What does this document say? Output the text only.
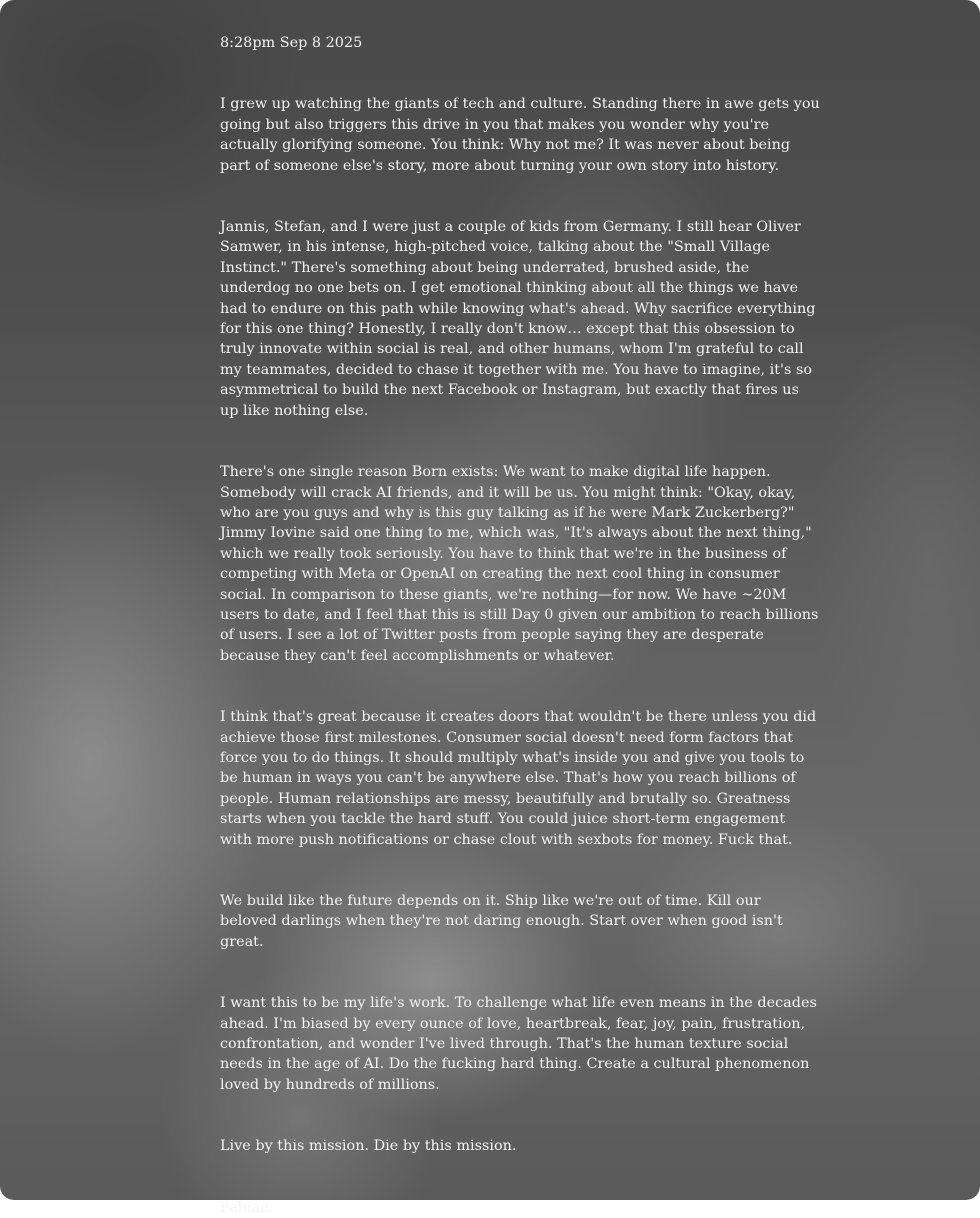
8:28pm Sep 8 2025

I grew up watching the giants of tech and culture. Standing there in awe gets you going but also triggers this drive in you that makes you wonder why you're actually glorifying someone. You think: Why not me? It was never about being part of someone else's story, more about turning your own story into history.

Jannis, Stefan, and I were just a couple of kids from Germany. I still hear Oliver Samwer, in his intense, high-pitched voice, talking about the "Small Village Instinct." There's something about being underrated, brushed aside, the underdog no one bets on. I get emotional thinking about all the things we have had to endure on this path while knowing what's ahead. Why sacrifice everything for this one thing? Honestly, I really don't know… except that this obsession to truly innovate within social is real, and other humans, whom I'm grateful to call my teammates, decided to chase it together with me. You have to imagine, it's so asymmetrical to build the next Facebook or Instagram, but exactly that fires us up like nothing else.

There's one single reason Born exists: We want to make digital life happen. Somebody will crack AI friends, and it will be us. You might think: "Okay, okay, who are you guys and why is this guy talking as if he were Mark Zuckerberg?" Jimmy Iovine said one thing to me, which was, "It's always about the next thing," which we really took seriously. You have to think that we're in the business of competing with Meta or OpenAI on creating the next cool thing in consumer social. In comparison to these giants, we're nothing—for now. We have ~20M users to date, and I feel that this is still Day 0 given our ambition to reach billions of users. I see a lot of Twitter posts from people saying they are desperate because they can't feel accomplishments or whatever.

I think that's great because it creates doors that wouldn't be there unless you did achieve those first milestones. Consumer social doesn't need form factors that force you to do things. It should multiply what's inside you and give you tools to be human in ways you can't be anywhere else. That's how you reach billions of people. Human relationships are messy, beautifully and brutally so. Greatness starts when you tackle the hard stuff. You could juice short-term engagement with more push notifications or chase clout with sexbots for money. Fuck that.

We build like the future depends on it. Ship like we're out of time. Kill our beloved darlings when they're not daring enough. Start over when good isn't great.

I want this to be my life's work. To challenge what life even means in the decades ahead. I'm biased by every ounce of love, heartbreak, fear, joy, pain, frustration, confrontation, and wonder I've lived through. That's the human texture social needs in the age of AI. Do the fucking hard thing. Create a cultural phenomenon loved by hundreds of millions.

Live by this mission. Die by this mission.

Fabian.
